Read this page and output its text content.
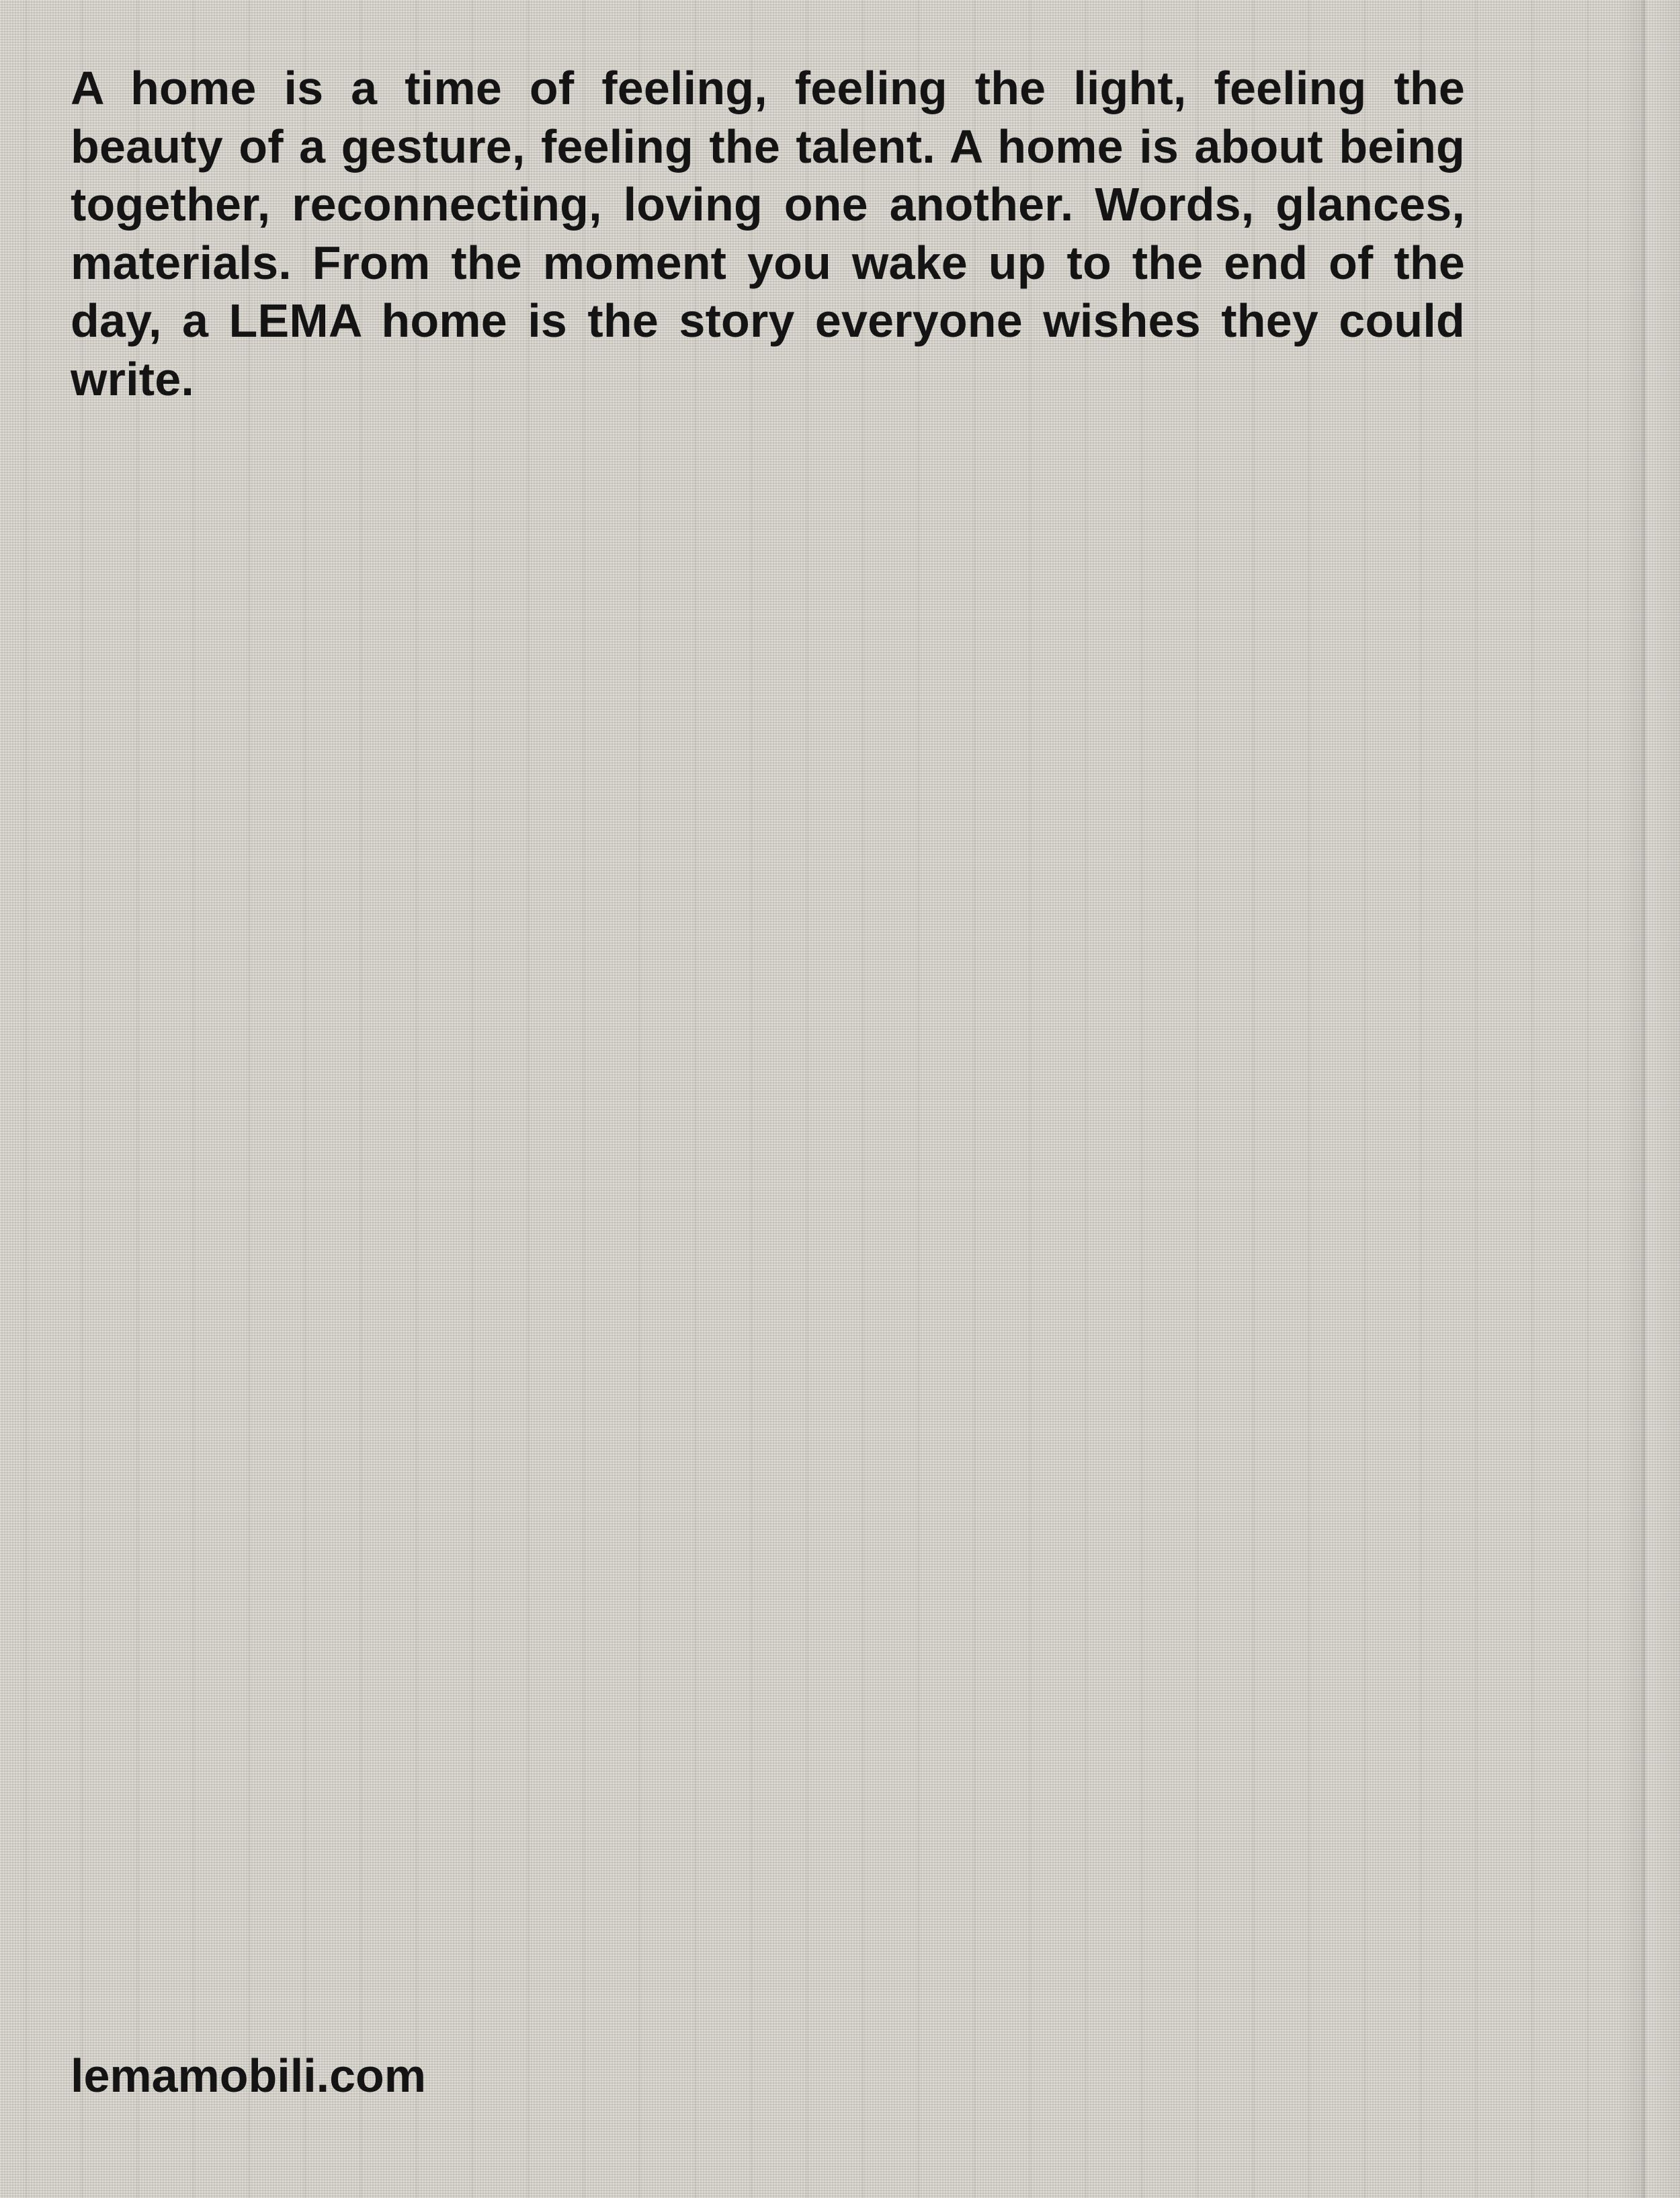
A home is a time of feeling, feeling the light, feeling the beauty of a gesture, feeling the talent. A home is about being together, reconnecting, loving one another. Words, glances, materials. From the moment you wake up to the end of the day, a LEMA home is the story everyone wishes they could write.

lemamobili.com
